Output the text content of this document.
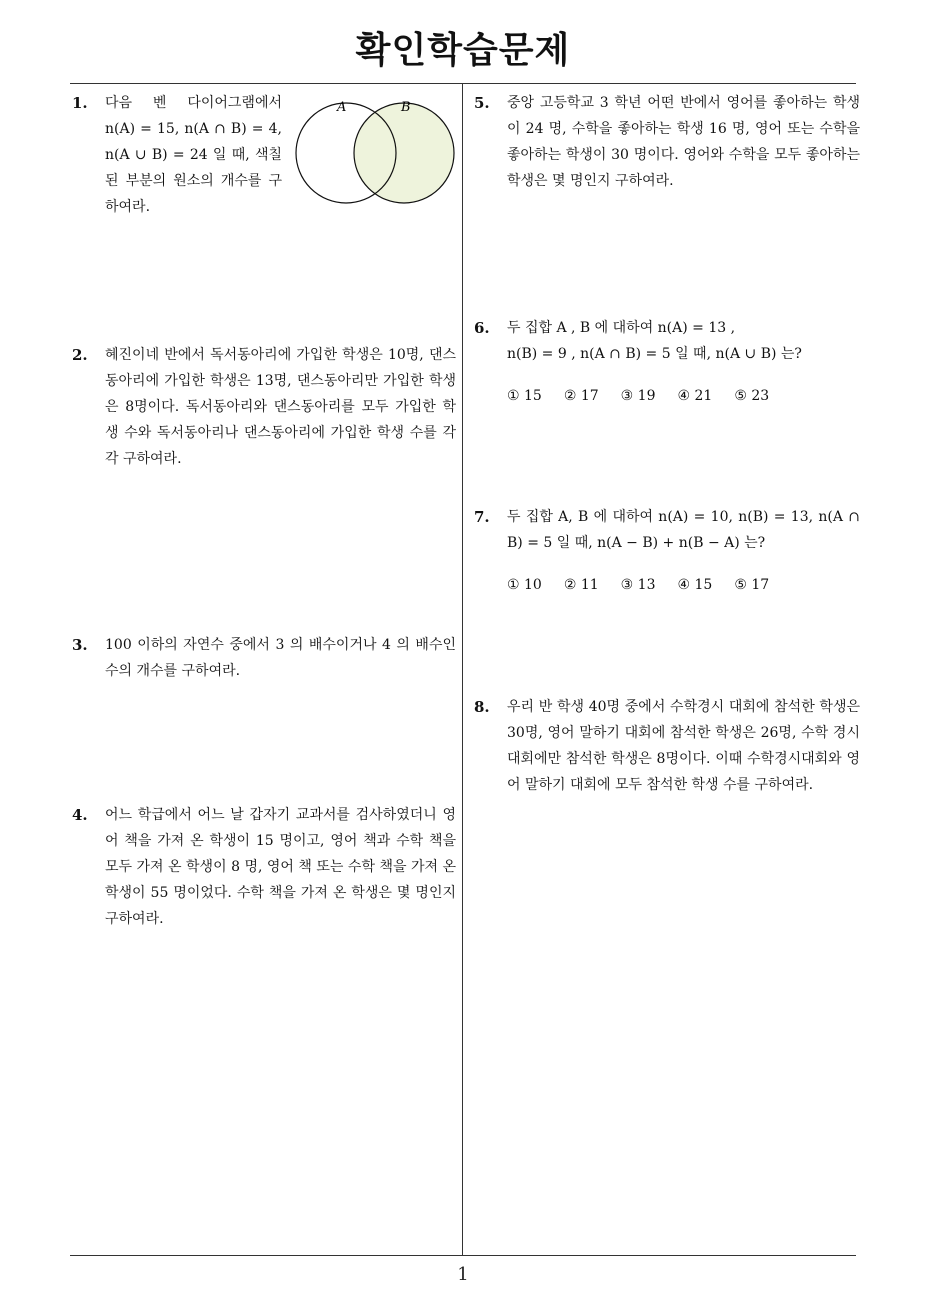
확인학습문제
1. 다음 벤 다이어그램에서 n(A) = 15, n(A ∩ B) = 4, n(A ∪ B) = 24 일 때, 색칠된 부분의 원소의 개수를 구하여라.
A	B
2. 혜진이네 반에서 독서동아리에 가입한 학생은 10명, 댄스동아리에 가입한 학생은 13명, 댄스동아리만 가입한 학생은 8명이다. 독서동아리와 댄스동아리를 모두 가입한 학생 수와 독서동아리나 댄스동아리에 가입한 학생 수를 각각 구하여라.
3. 100 이하의 자연수 중에서 3 의 배수이거나 4 의 배수인 수의 개수를 구하여라.
4. 어느 학급에서 어느 날 갑자기 교과서를 검사하였더니 영어 책을 가져 온 학생이 15 명이고, 영어 책과 수학 책을 모두 가져 온 학생이 8 명, 영어 책 또는 수학 책을 가져 온 학생이 55 명이었다. 수학 책을 가져 온 학생은 몇 명인지 구하여라.
5. 중앙 고등학교 3 학년 어떤 반에서 영어를 좋아하는 학생이 24 명, 수학을 좋아하는 학생 16 명, 영어 또는 수학을 좋아하는 학생이 30 명이다. 영어와 수학을 모두 좋아하는 학생은 몇 명인지 구하여라.
6. 두 집합 A , B 에 대하여 n(A) = 13 ,
n(B) = 9 , n(A ∩ B) = 5 일 때, n(A ∪ B) 는?
① 15 ② 17 ③ 19 ④ 21 ⑤ 23
7. 두 집합 A, B 에 대하여 n(A) = 10, n(B) = 13, n(A ∩ B) = 5 일 때, n(A − B) + n(B − A) 는?
① 10 ② 11 ③ 13 ④ 15 ⑤ 17
8. 우리 반 학생 40명 중에서 수학경시 대회에 참석한 학생은 30명, 영어 말하기 대회에 참석한 학생은 26명, 수학 경시대회에만 참석한 학생은 8명이다. 이때 수학경시대회와 영어 말하기 대회에 모두 참석한 학생 수를 구하여라.
1
